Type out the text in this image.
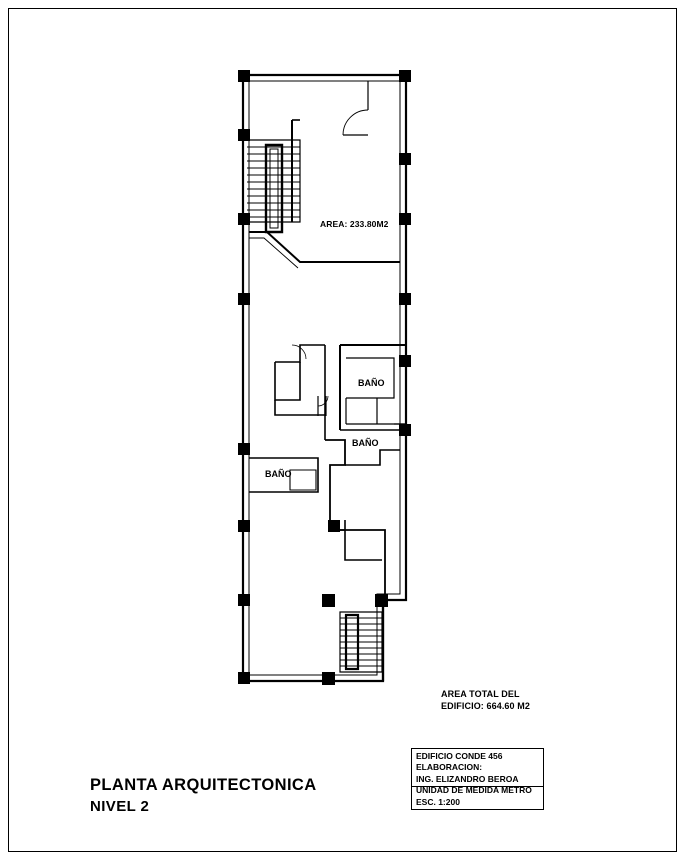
AREA: 233.80M2
BAÑO
BAÑO
BAÑO
AREA TOTAL DEL
EDIFICIO: 664.60 M2
PLANTA ARQUITECTONICA
NIVEL 2
EDIFICIO CONDE 456
ELABORACION:
ING. ELIZANDRO BEROA
UNIDAD DE MEDIDA METRO
ESC. 1:200
